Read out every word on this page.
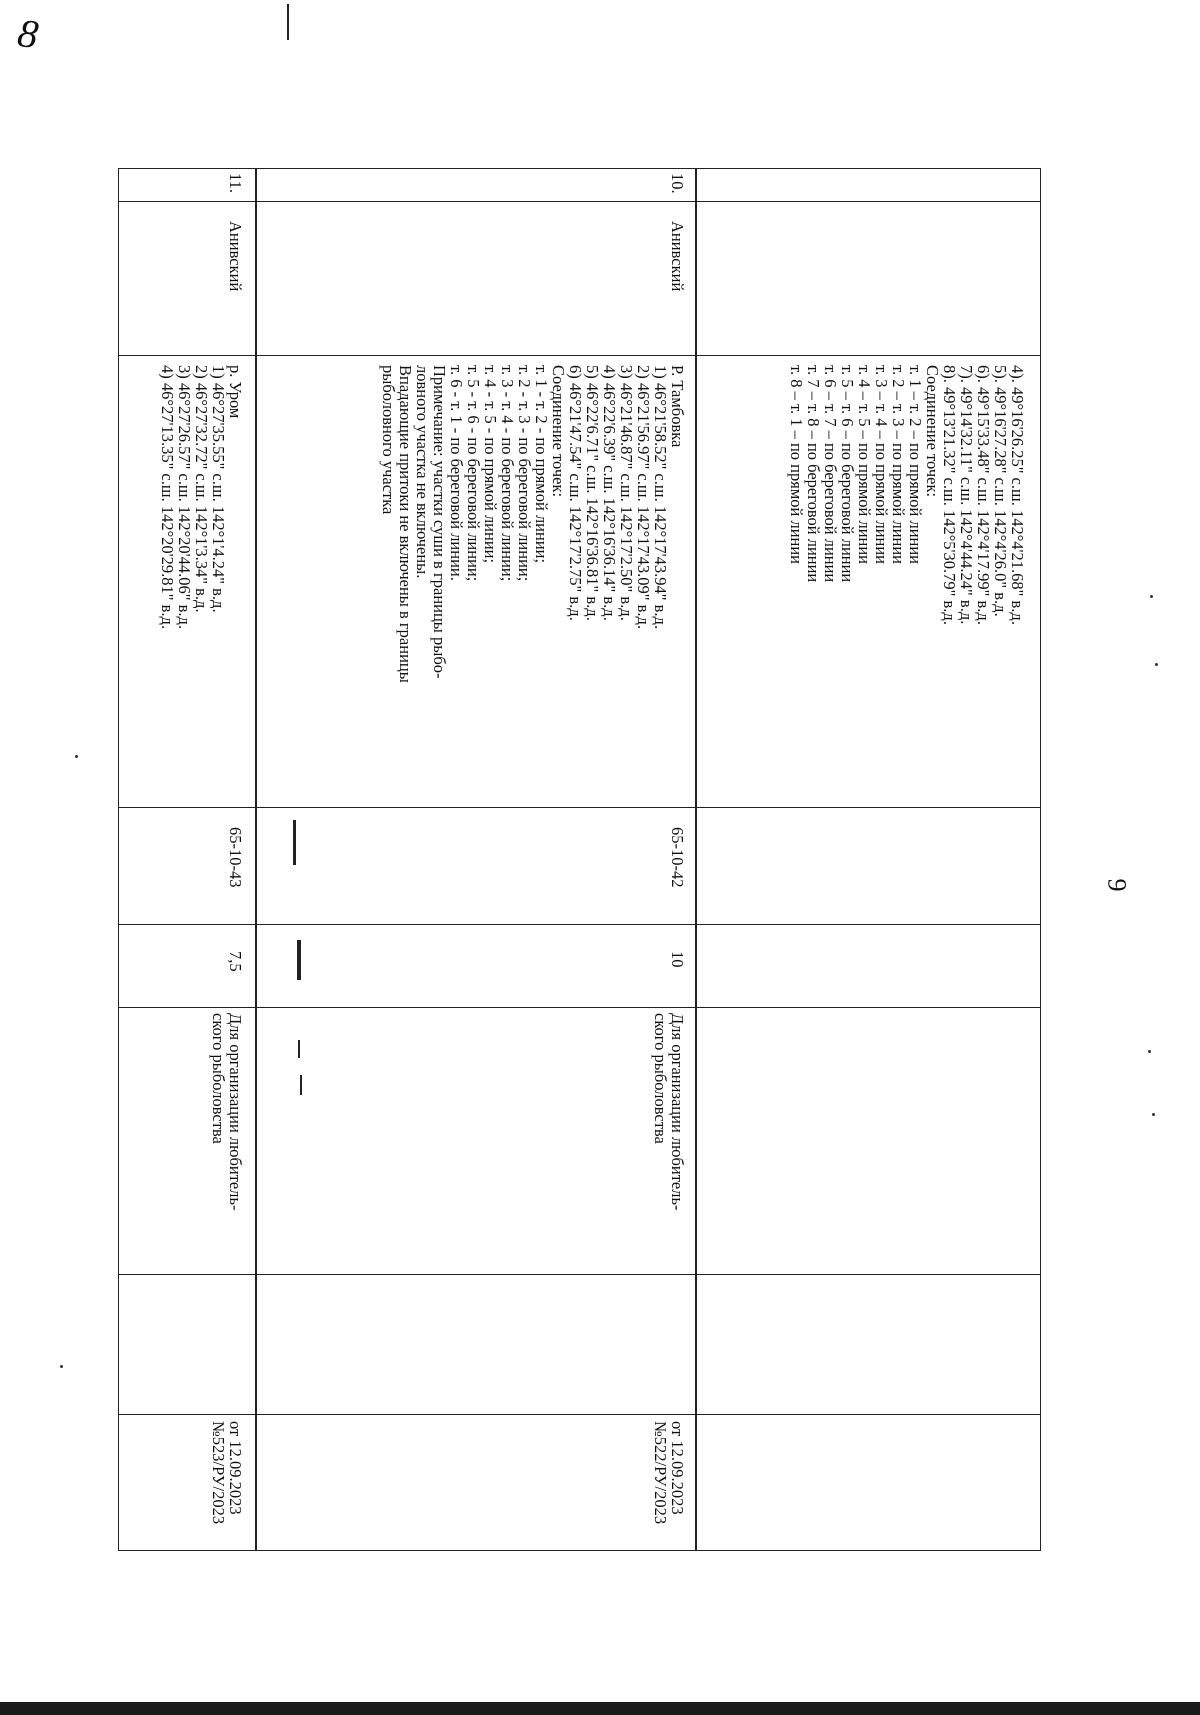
8
9
11.
Анивский
р. Уром
1) 46°27'35.55" с.ш. 142°1'4.24" в.д.
2) 46°27'32.72" с.ш. 142°1'3.34" в.д.
3) 46°27'26.57" с.ш. 142°20'44.06" в.д.
4) 46°27'13.35" с.ш. 142°20'29.81" в.д.
65-10-43
7,5
Для организации любитель-
ского рыболовства
от 12.09.2023
№523/РУ/2023
10.
Анивский
Р. Тамбовка
1) 46°21'58.52" с.ш. 142°17'43.94" в.д.
2) 46°21'56.97" с.ш. 142°17'43.09" в.д.
3) 46°21'46.87" с.ш. 142°17'2.50" в.д.
4) 46°22'6.39" с.ш. 142°16'36.14" в.д.
5) 46°22'6.71" с.ш. 142°16'36.81" в.д.
6) 46°21'47.54" с.ш. 142°17'2.75" в.д.
Соединение точек:
т. 1 - т. 2 - по прямой линии;
т. 2 - т. 3 - по береговой линии;
т. 3 - т. 4 - по береговой линии;
т. 4 - т. 5 - по прямой линии;
т. 5 - т. 6 - по береговой линии;
т. 6 - т. 1 - по береговой линии.
Примечание: участки суши в границы рыбо-
ловного участка не включены.
Впадающие притоки не включены в границы
рыболовного участка
65-10-42
10
Для организации любитель-
ского рыболовства
от 12.09.2023
№522/РУ/2023
4). 49°16'26.25" с.ш. 142°4'21.68" в.д.
5). 49°16'27.28" с.ш. 142°4'26.0" в.д.
6). 49°15'33.48" с.ш. 142°4'17.99" в.д.
7). 49°14'32.11" с.ш. 142°4'44.24" в.д.
8). 49°13'21.32" с.ш. 142°5'30.79" в.д.
Соединение точек:
т. 1 – т. 2 – по прямой линии
т. 2 – т. 3 – по прямой линии
т. 3 – т. 4 – по прямой линии
т. 4 – т. 5 – по прямой линии
т. 5 – т. 6 – по береговой линии
т. 6 – т. 7 – по береговой линии
т. 7 – т. 8 – по береговой линии
т. 8 – т. 1 – по прямой линии
